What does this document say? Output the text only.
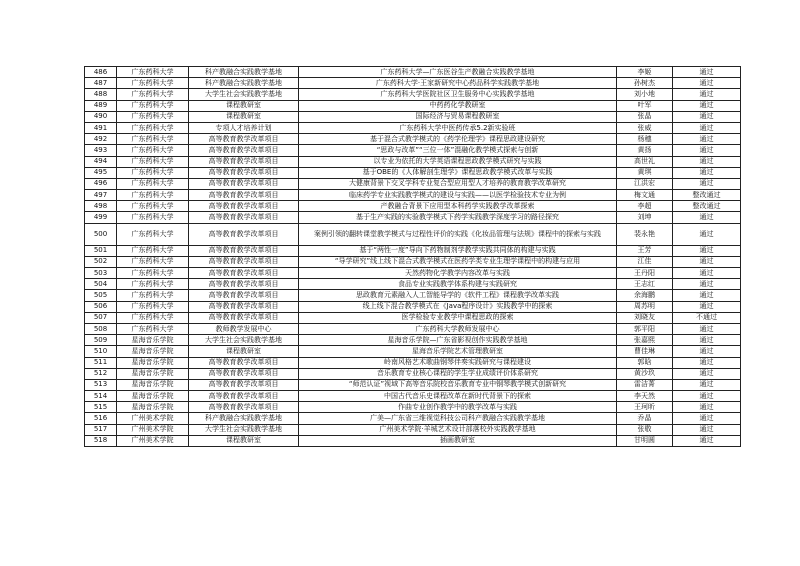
486	广东药科大学	科产教融合实践教学基地	广东药科大学—广东医谷生产教融合实践教学基地	李姬	通过
487	广东药科大学	科产教融合实践教学基地	广东药科大学·王家新研究中心药品科学实践教学基地	孙树杰	通过
488	广东药科大学	大学生社会实践教学基地	广东药科大学医院社区卫生服务中心实践教学基地	刘小地	通过
489	广东药科大学	课程教研室	中药药化学教研室	叶军	通过
490	广东药科大学	课程教研室	国际经济与贸易课程教研室	张晶	通过
491	广东药科大学	专项人才培养计划	广东药科大学中医药传承5.2新实验班	张威	通过
492	广东药科大学	高等教育教学改革项目	基于混合式教学模式的《药学伦理学》课程思政建设研究	杨穗	通过
493	广东药科大学	高等教育教学改革项目	“思政与改革”“三位一体”混融化教学模式探索与创新	黄扬	通过
494	广东药科大学	高等教育教学改革项目	以专业为依托的大学英语课程思政教学模式研究与实践	高世礼	通过
495	广东药科大学	高等教育教学改革项目	基于OBE的《人体解剖生理学》课程思政教学模式改革与实践	黄琪	通过
496	广东药科大学	高等教育教学改革项目	大健康背景下交叉学科专业复合型应用型人才培养的教育教学改革研究	江洪宏	通过
497	广东药科大学	高等教育教学改革项目	临床药学专业实践教学模式的建设与实践——以医学检验技术专业为例	梅文通	整改通过
498	广东药科大学	高等教育教学改革项目	产教融合背景下应用型本科药学实践教学改革探索	李超	整改通过
499	广东药科大学	高等教育教学改革项目	基于生产实践的实验教学模式下药学实践教学深度学习的路径探究	刘坤	通过
500	广东药科大学	高等教育教学改革项目	案例引领的翻转课堂教学模式与过程性评价的实践《化妆品管理与法规》课程中的探索与实践	裴永艳	通过
501	广东药科大学	高等教育教学改革项目	基于“两性一度”导向下药物制剂学教学实践共同体的构建与实践	王芳	通过
502	广东药科大学	高等教育教学改革项目	“导学研究”线上线下混合式教学模式在医药学类专业生理学课程中的构建与应用	江佳	通过
503	广东药科大学	高等教育教学改革项目	天然药物化学教学内容改革与实践	王丹阳	通过
504	广东药科大学	高等教育教学改革项目	食品专业实践教学体系构建与实践研究	王志红	通过
505	广东药科大学	高等教育教学改革项目	思政教育元素融入人工智能导学的《软件工程》课程教学改革实践	余海鹏	通过
506	广东药科大学	高等教育教学改革项目	线上线下混合教学模式在《Java程序设计》实践教学中的探索	周苏明	通过
507	广东药科大学	高等教育教学改革项目	医学检验专业教学中课程思政的探索	刘晓友	不通过
508	广东药科大学	教师教学发展中心	广东药科大学教师发展中心	郭平阳	通过
509	星海音乐学院	大学生社会实践教学基地	星海音乐学院—广东省影视创作实践教学基地	张嘉熙	通过
510	星海音乐学院	课程教研室	星海音乐学院艺术管理教研室	曹佳琳	通过
511	星海音乐学院	高等教育教学改革项目	岭南风格艺术歌曲钢琴伴奏实践研究与课程建设	郭晗	通过
512	星海音乐学院	高等教育教学改革项目	音乐教育专业核心课程的学生学业成绩评价体系研究	黄沙玖	通过
513	星海音乐学院	高等教育教学改革项目	“师范认证”视域下高等音乐院校音乐教育专业中钢琴教学模式创新研究	雷洁菁	通过
514	星海音乐学院	高等教育教学改革项目	中国古代音乐史课程改革在新时代背景下的探索	李天然	通过
515	星海音乐学院	高等教育教学改革项目	作曲专业创作教学中的教学改革与实践	王珂昕	通过
516	广州美术学院	科产教融合实践教学基地	广美—广东省三维视觉科技公司科产教融合实践教学基地	乔晶	通过
517	广州美术学院	大学生社会实践教学基地	广州美术学院·羊城艺术设计部落校外实践教学基地	张敬	通过
518	广州美术学院	课程教研室	插画教研室	甘明圆	通过
